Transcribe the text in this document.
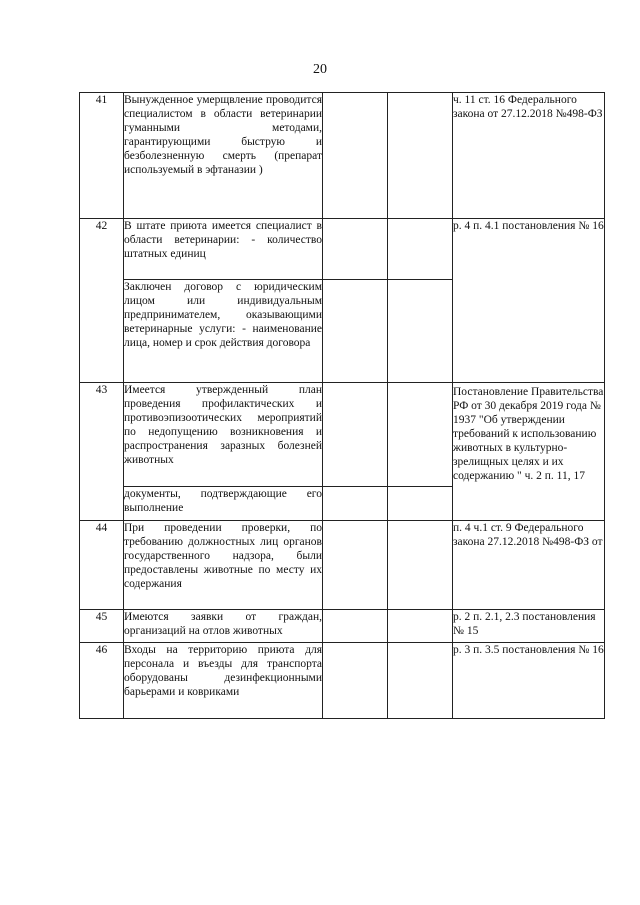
20
41	Вынужденное умерщвление проводится специалистом в области ветеринарии гуманными методами, гарантирующими быструю и безболезненную смерть (препарат используемый в эфтаназии )			ч. 11 ст. 16 Федерального закона от 27.12.2018 №498-ФЗ
42	В штате приюта имеется специалист в области ветеринарии: - количество штатных единиц			р. 4 п. 4.1 постановления № 16
	Заключен договор с юридическим лицом или индивидуальным предпринимателем, оказывающими ветеринарные услуги: - наименование лица, номер и срок действия договора			
43	Имеется утвержденный план проведения профилактических и противоэпизоотических мероприятий по недопущению возникновения и распространения заразных болезней животных			Постановление Правительства РФ от 30 декабря 2019 года № 1937 "Об утверждении требований к использованию животных в культурно-зрелищных целях и их содержанию " ч. 2 п. 11, 17
	документы, подтверждающие его выполнение			
44	При проведении проверки, по требованию должностных лиц органов государственного надзора, были предоставлены животные по месту их содержания			п. 4 ч.1 ст. 9 Федерального закона 27.12.2018 №498-ФЗ от
45	Имеются заявки от граждан, организаций на отлов животных			р. 2 п. 2.1, 2.3 постановления № 15
46	Входы на территорию приюта для персонала и въезды для транспорта оборудованы дезинфекционными барьерами и ковриками			р. 3 п. 3.5 постановления № 16
